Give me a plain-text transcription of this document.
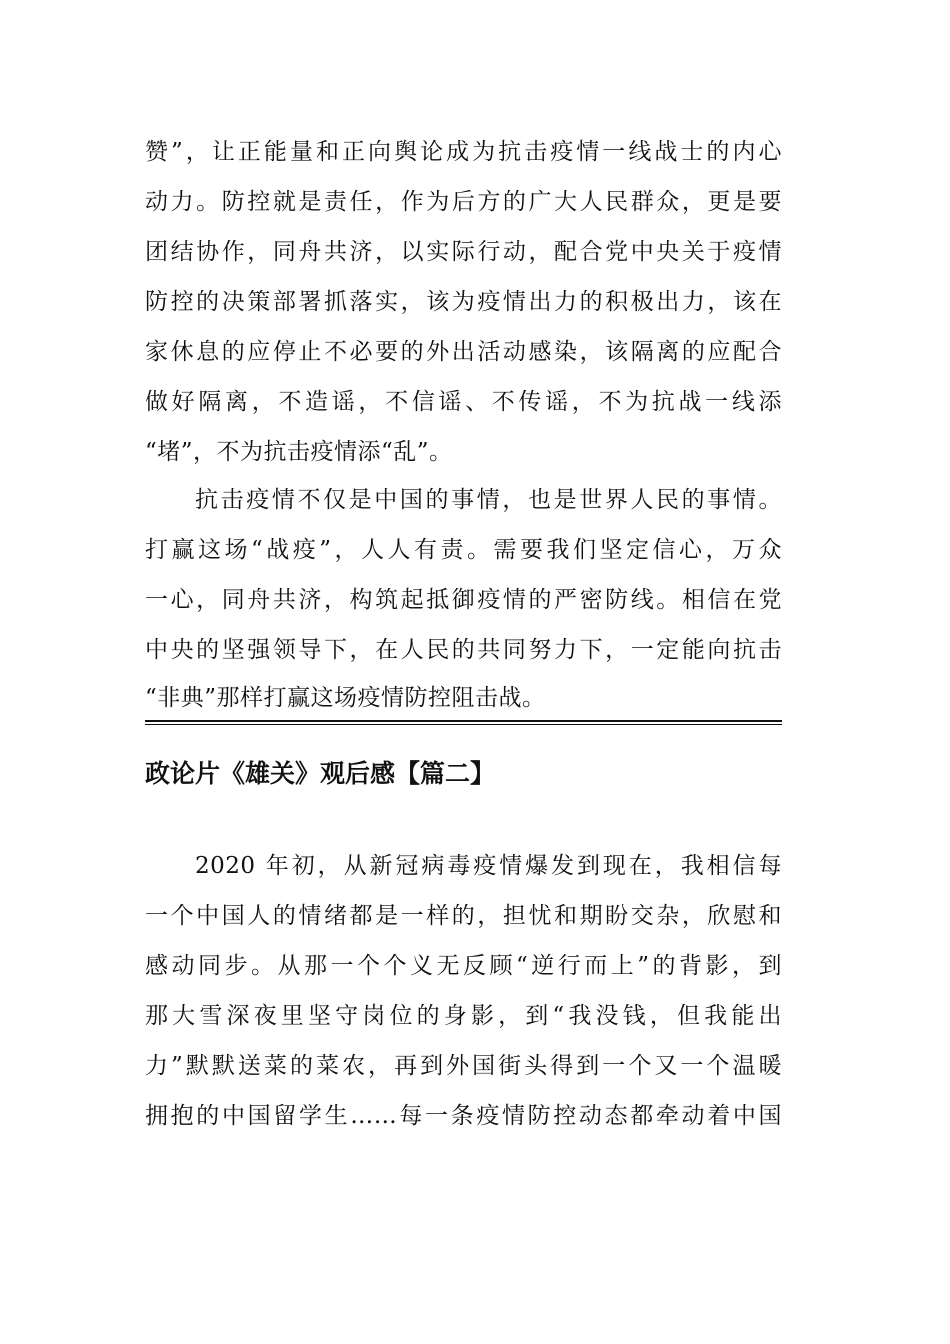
赞”，让正能量和正向舆论成为抗击疫情一线战士的内心
动力。防控就是责任，作为后方的广大人民群众，更是要
团结协作，同舟共济，以实际行动，配合党中央关于疫情
防控的决策部署抓落实，该为疫情出力的积极出力，该在
家休息的应停止不必要的外出活动感染，该隔离的应配合
做好隔离，不造谣，不信谣、不传谣，不为抗战一线添
“堵”，不为抗击疫情添“乱”。
抗击疫情不仅是中国的事情，也是世界人民的事情。
打赢这场“战疫”，人人有责。需要我们坚定信心，万众
一心，同舟共济，构筑起抵御疫情的严密防线。相信在党
中央的坚强领导下，在人民的共同努力下，一定能向抗击
“非典”那样打赢这场疫情防控阻击战。
政论片《雄关》观后感【篇二】
2020 年初，从新冠病毒疫情爆发到现在，我相信每
一个中国人的情绪都是一样的，担忧和期盼交杂，欣慰和
感动同步。从那一个个义无反顾“逆行而上”的背影，到
那大雪深夜里坚守岗位的身影，到“我没钱，但我能出
力”默默送菜的菜农，再到外国街头得到一个又一个温暖
拥抱的中国留学生……每一条疫情防控动态都牵动着中国
